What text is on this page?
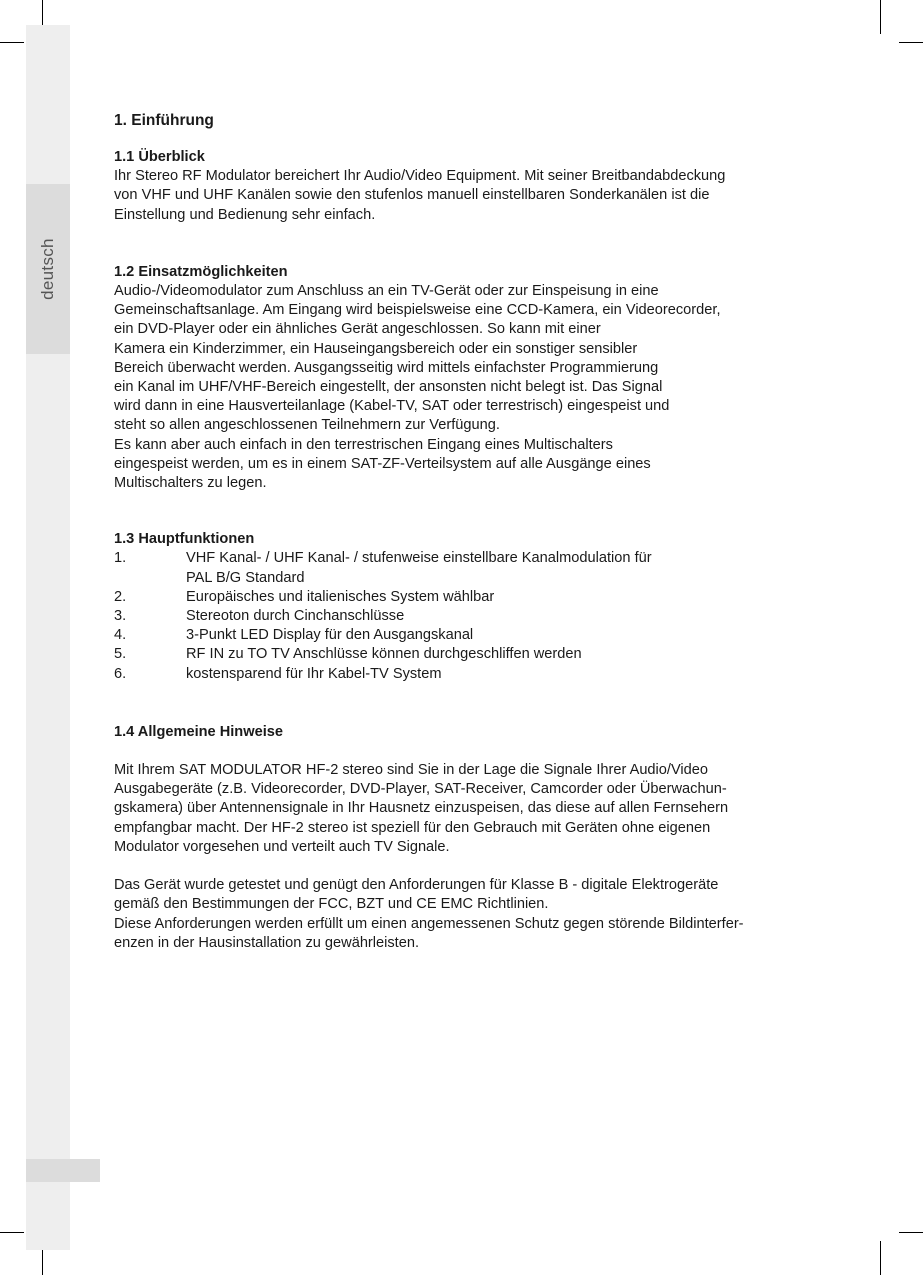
deutsch
1. Einführung
1.1 Überblick

Ihr Stereo RF Modulator bereichert Ihr Audio/Video Equipment. Mit seiner Breitbandabdeckung
von VHF und UHF Kanälen sowie den stufenlos manuell einstellbaren Sonderkanälen ist die
Einstellung und Bedienung sehr einfach.

1.2 Einsatzmöglichkeiten

Audio-/Videomodulator zum Anschluss an ein TV-Gerät oder zur Einspeisung in eine
Gemeinschaftsanlage. Am Eingang wird beispielsweise eine CCD-Kamera, ein Videorecorder,
ein DVD-Player oder ein ähnliches Gerät angeschlossen. So kann mit einer
Kamera ein Kinderzimmer, ein Hauseingangsbereich oder ein sonstiger sensibler
Bereich überwacht werden. Ausgangsseitig wird mittels einfachster Programmierung
ein Kanal im UHF/VHF-Bereich eingestellt, der ansonsten nicht belegt ist. Das Signal
wird dann in eine Hausverteilanlage (Kabel-TV, SAT oder terrestrisch) eingespeist und
steht so allen angeschlossenen Teilnehmern zur Verfügung.
Es kann aber auch einfach in den terrestrischen Eingang eines Multischalters
eingespeist werden, um es in einem SAT-ZF-Verteilsystem auf alle Ausgänge eines
Multischalters zu legen.

1.3 Hauptfunktionen
1.	VHF Kanal- / UHF Kanal- / stufenweise einstellbare Kanalmodulation für
PAL B/G Standard
2.	Europäisches und italienisches System wählbar
3.	Stereoton durch Cinchanschlüsse
4.	3-Punkt LED Display für den Ausgangskanal
5.	RF IN zu TO TV Anschlüsse können durchgeschliffen werden
6.	kostensparend für Ihr Kabel-TV System
1.4 Allgemeine Hinweise

Mit Ihrem SAT MODULATOR HF-2 stereo sind Sie in der Lage die Signale Ihrer Audio/Video
Ausgabegeräte (z.B. Videorecorder, DVD-Player, SAT-Receiver, Camcorder oder Überwachun-
gskamera) über Antennensignale in Ihr Hausnetz einzuspeisen, das diese auf allen Fernsehern
empfangbar macht. Der HF-2 stereo ist speziell für den Gebrauch mit Geräten ohne eigenen
Modulator vorgesehen und verteilt auch TV Signale.

Das Gerät wurde getestet und genügt den Anforderungen für Klasse B - digitale Elektrogeräte
gemäß den Bestimmungen der FCC, BZT und CE EMC Richtlinien.
Diese Anforderungen werden erfüllt um einen angemessenen Schutz gegen störende Bildinterfer-
enzen in der Hausinstallation zu gewährleisten.
